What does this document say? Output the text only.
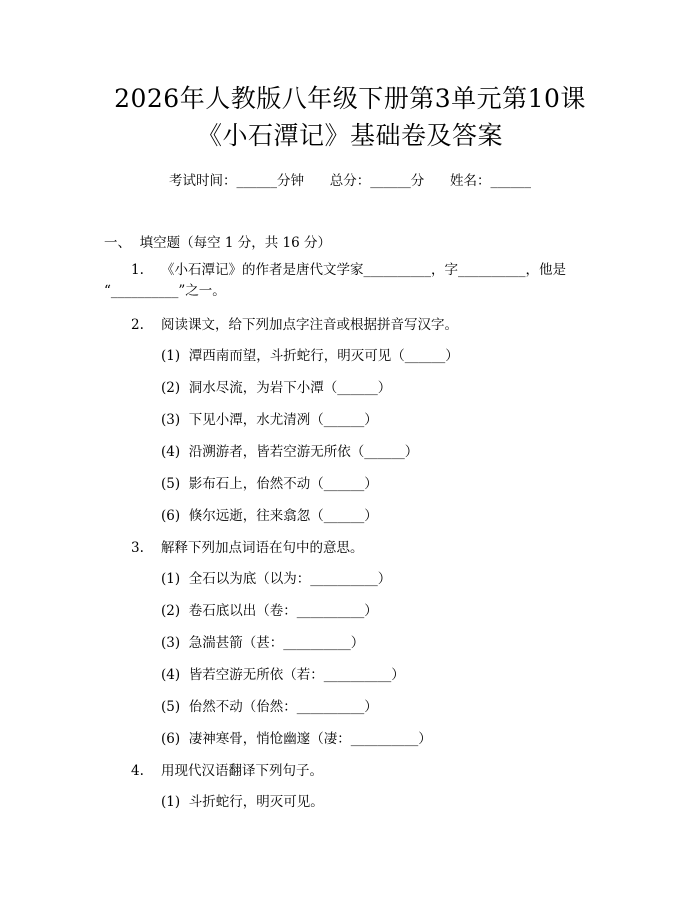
2026年人教版八年级下册第3单元第10课
《小石潭记》基础卷及答案
考试时间：______分钟      总分：______分      姓名：______
一、  填空题（每空 1 分，共 16 分）
1. 《小石潭记》的作者是唐代文学家__________，字__________，他是
“__________”之一。
2. 阅读课文，给下列加点字注音或根据拼音写汉字。
(1)  潭西南而望，斗折蛇行，明灭可见（______）
(2)  洞水尽流，为岩下小潭（______）
(3)  下见小潭，水尤清冽（______）
(4)  沿溯游者，皆若空游无所依（______）
(5)  影布石上，佁然不动（______）
(6)  倏尔远逝，往来翕忽（______）
3. 解释下列加点词语在句中的意思。
(1)  全石以为底（以为：__________）
(2)  卷石底以出（卷：__________）
(3)  急湍甚箭（甚：__________）
(4)  皆若空游无所依（若：__________）
(5)  佁然不动（佁然：__________）
(6)  凄神寒骨，悄怆幽邃（凄：__________）
4. 用现代汉语翻译下列句子。
(1)  斗折蛇行，明灭可见。
